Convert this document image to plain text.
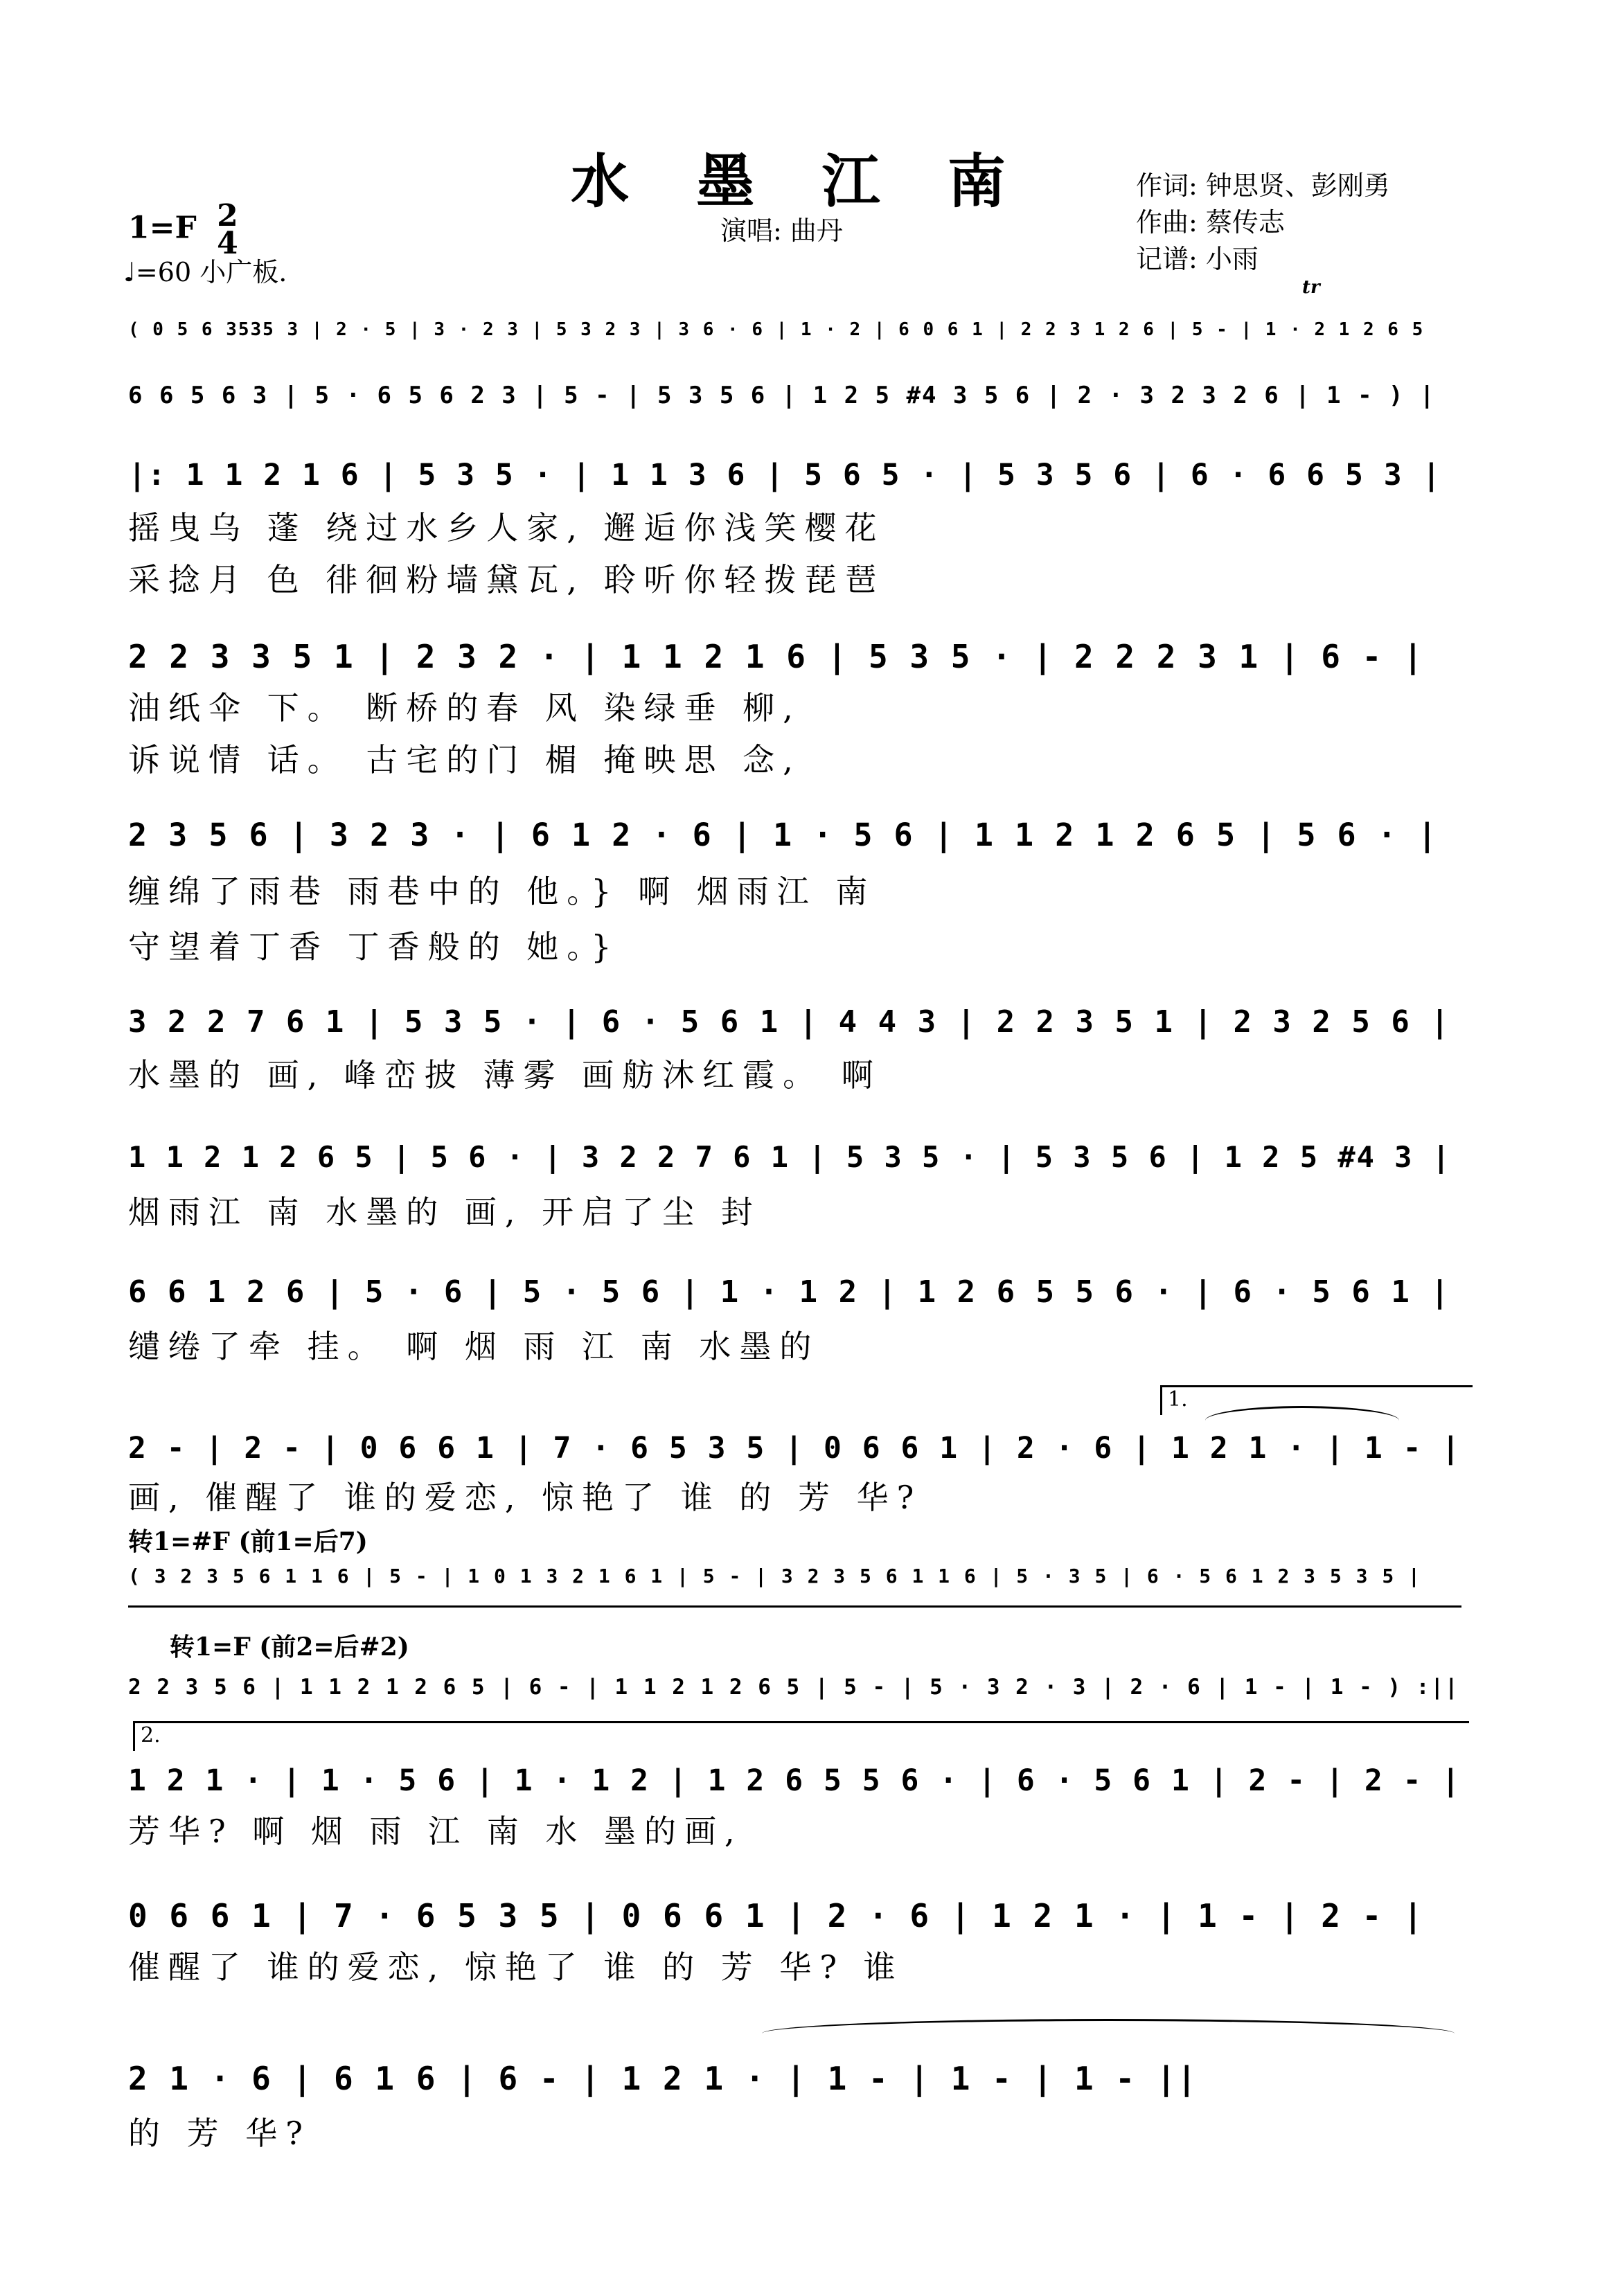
水 墨 江 南
1=F 2
4
♩=60 小广板.
演唱: 曲丹
作词: 钟思贤、彭刚勇
作曲: 蔡传志
记谱: 小雨
tr
( 0 5 6 3535 3 | 2 · 5 | 3 · 2 3 | 5 3 2 3 | 3 6 · 6 | 1 · 2 | 6 0 6 1 | 2 2 3 1 2 6 | 5 - | 1 · 2 1 2 6 5
6 6 5 6 3 | 5 · 6 5 6 2 3 | 5 - | 5 3 5 6 | 1 2 5 #4 3 5 6 | 2 · 3 2 3 2 6 | 1 - ) |
|: 1 1 2 1 6 | 5 3 5 · | 1 1 3 6 | 5 6 5 · | 5 3 5 6 | 6 · 6 6 5 3 |
摇曳乌 蓬 绕过水乡人家, 邂逅你浅笑樱花
采捻月 色 徘徊粉墙黛瓦, 聆听你轻拨琵琶
2 2 3 3 5 1 | 2 3 2 · | 1 1 2 1 6 | 5 3 5 · | 2 2 2 3 1 | 6 - |
油纸伞 下。 断桥的春 风 染绿垂 柳,
诉说情 话。 古宅的门 楣 掩映思 念,
2 3 5 6 | 3 2 3 · | 6 1 2 · 6 | 1 · 5 6 | 1 1 2 1 2 6 5 | 5 6 · |
缠绵了雨巷 雨巷中的 他。} 啊 烟雨江 南
守望着丁香 丁香般的 她。}
3 2 2 7 6 1 | 5 3 5 · | 6 · 5 6 1 | 4 4 3 | 2 2 3 5 1 | 2 3 2 5 6 |
水墨的 画, 峰峦披 薄雾 画舫沐红霞。 啊
1 1 2 1 2 6 5 | 5 6 · | 3 2 2 7 6 1 | 5 3 5 · | 5 3 5 6 | 1 2 5 #4 3 |
烟雨江 南 水墨的 画, 开启了尘 封
6 6 1 2 6 | 5 · 6 | 5 · 5 6 | 1 · 1 2 | 1 2 6 5 5 6 · | 6 · 5 6 1 |
缱绻了牵 挂。 啊 烟 雨 江 南 水墨的
1.
2 - | 2 - | 0 6 6 1 | 7 · 6 5 3 5 | 0 6 6 1 | 2 · 6 | 1 2 1 · | 1 - |
画, 催醒了 谁的爱恋, 惊艳了 谁 的 芳 华?
转1=#F (前1=后7)
( 3 2 3 5 6 1 1 6 | 5 - | 1 0 1 3 2 1 6 1 | 5 - | 3 2 3 5 6 1 1 6 | 5 · 3 5 | 6 · 5 6 1 2 3 5 3 5 |
转1=F (前2=后#2)
2 2 3 5 6 | 1 1 2 1 2 6 5 | 6 - | 1 1 2 1 2 6 5 | 5 - | 5 · 3 2 · 3 | 2 · 6 | 1 - | 1 - ) :||
2.
1 2 1 · | 1 · 5 6 | 1 · 1 2 | 1 2 6 5 5 6 · | 6 · 5 6 1 | 2 - | 2 - |
芳华? 啊 烟 雨 江 南 水 墨的画,
0 6 6 1 | 7 · 6 5 3 5 | 0 6 6 1 | 2 · 6 | 1 2 1 · | 1 - | 2 - |
催醒了 谁的爱恋, 惊艳了 谁 的 芳 华? 谁
2 1 · 6 | 6 1 6 | 6 - | 1 2 1 · | 1 - | 1 - | 1 - ||
的 芳 华?
